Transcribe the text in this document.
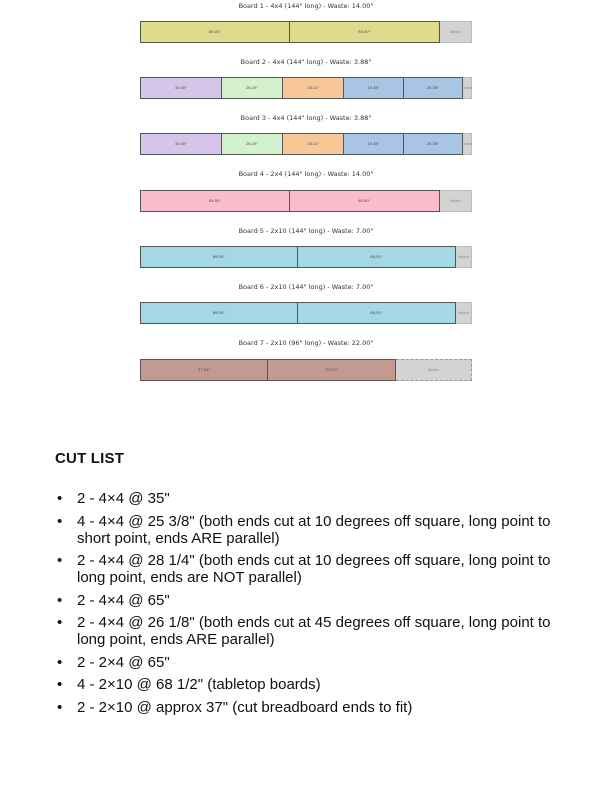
Board 1 - 4x4 (144" long) - Waste: 14.00"
65.00"	65.00"	Waste
Board 2 - 4x4 (144" long) - Waste: 3.88"
35.00"	26.25"	26.12"	25.38"	25.38"	Waste
Board 3 - 4x4 (144" long) - Waste: 3.88"
35.00"	26.25"	26.12"	25.38"	25.38"	Waste
Board 4 - 2x4 (144" long) - Waste: 14.00"
65.00"	65.00"	Waste
Board 5 - 2x10 (144" long) - Waste: 7.00"
68.50"	68.50"	Waste
Board 6 - 2x10 (144" long) - Waste: 7.00"
68.50"	68.50"	Waste
Board 7 - 2x10 (96" long) - Waste: 22.00"
37.00"	37.00"	Waste
CUT LIST
• 2 - 4×4 @ 35"
• 4 - 4×4 @ 25 3/8" (both ends cut at 10 degrees off square, long point to short point, ends ARE parallel)
• 2 - 4×4 @ 28 1/4" (both ends cut at 10 degrees off square, long point to long point, ends are NOT parallel)
• 2 - 4×4 @ 65"
• 2 - 4×4 @ 26 1/8" (both ends cut at 45 degrees off square, long point to long point, ends ARE parallel)
• 2 - 2×4 @ 65"
• 4 - 2×10 @ 68 1/2" (tabletop boards)
• 2 - 2×10 @ approx 37" (cut breadboard ends to fit)
